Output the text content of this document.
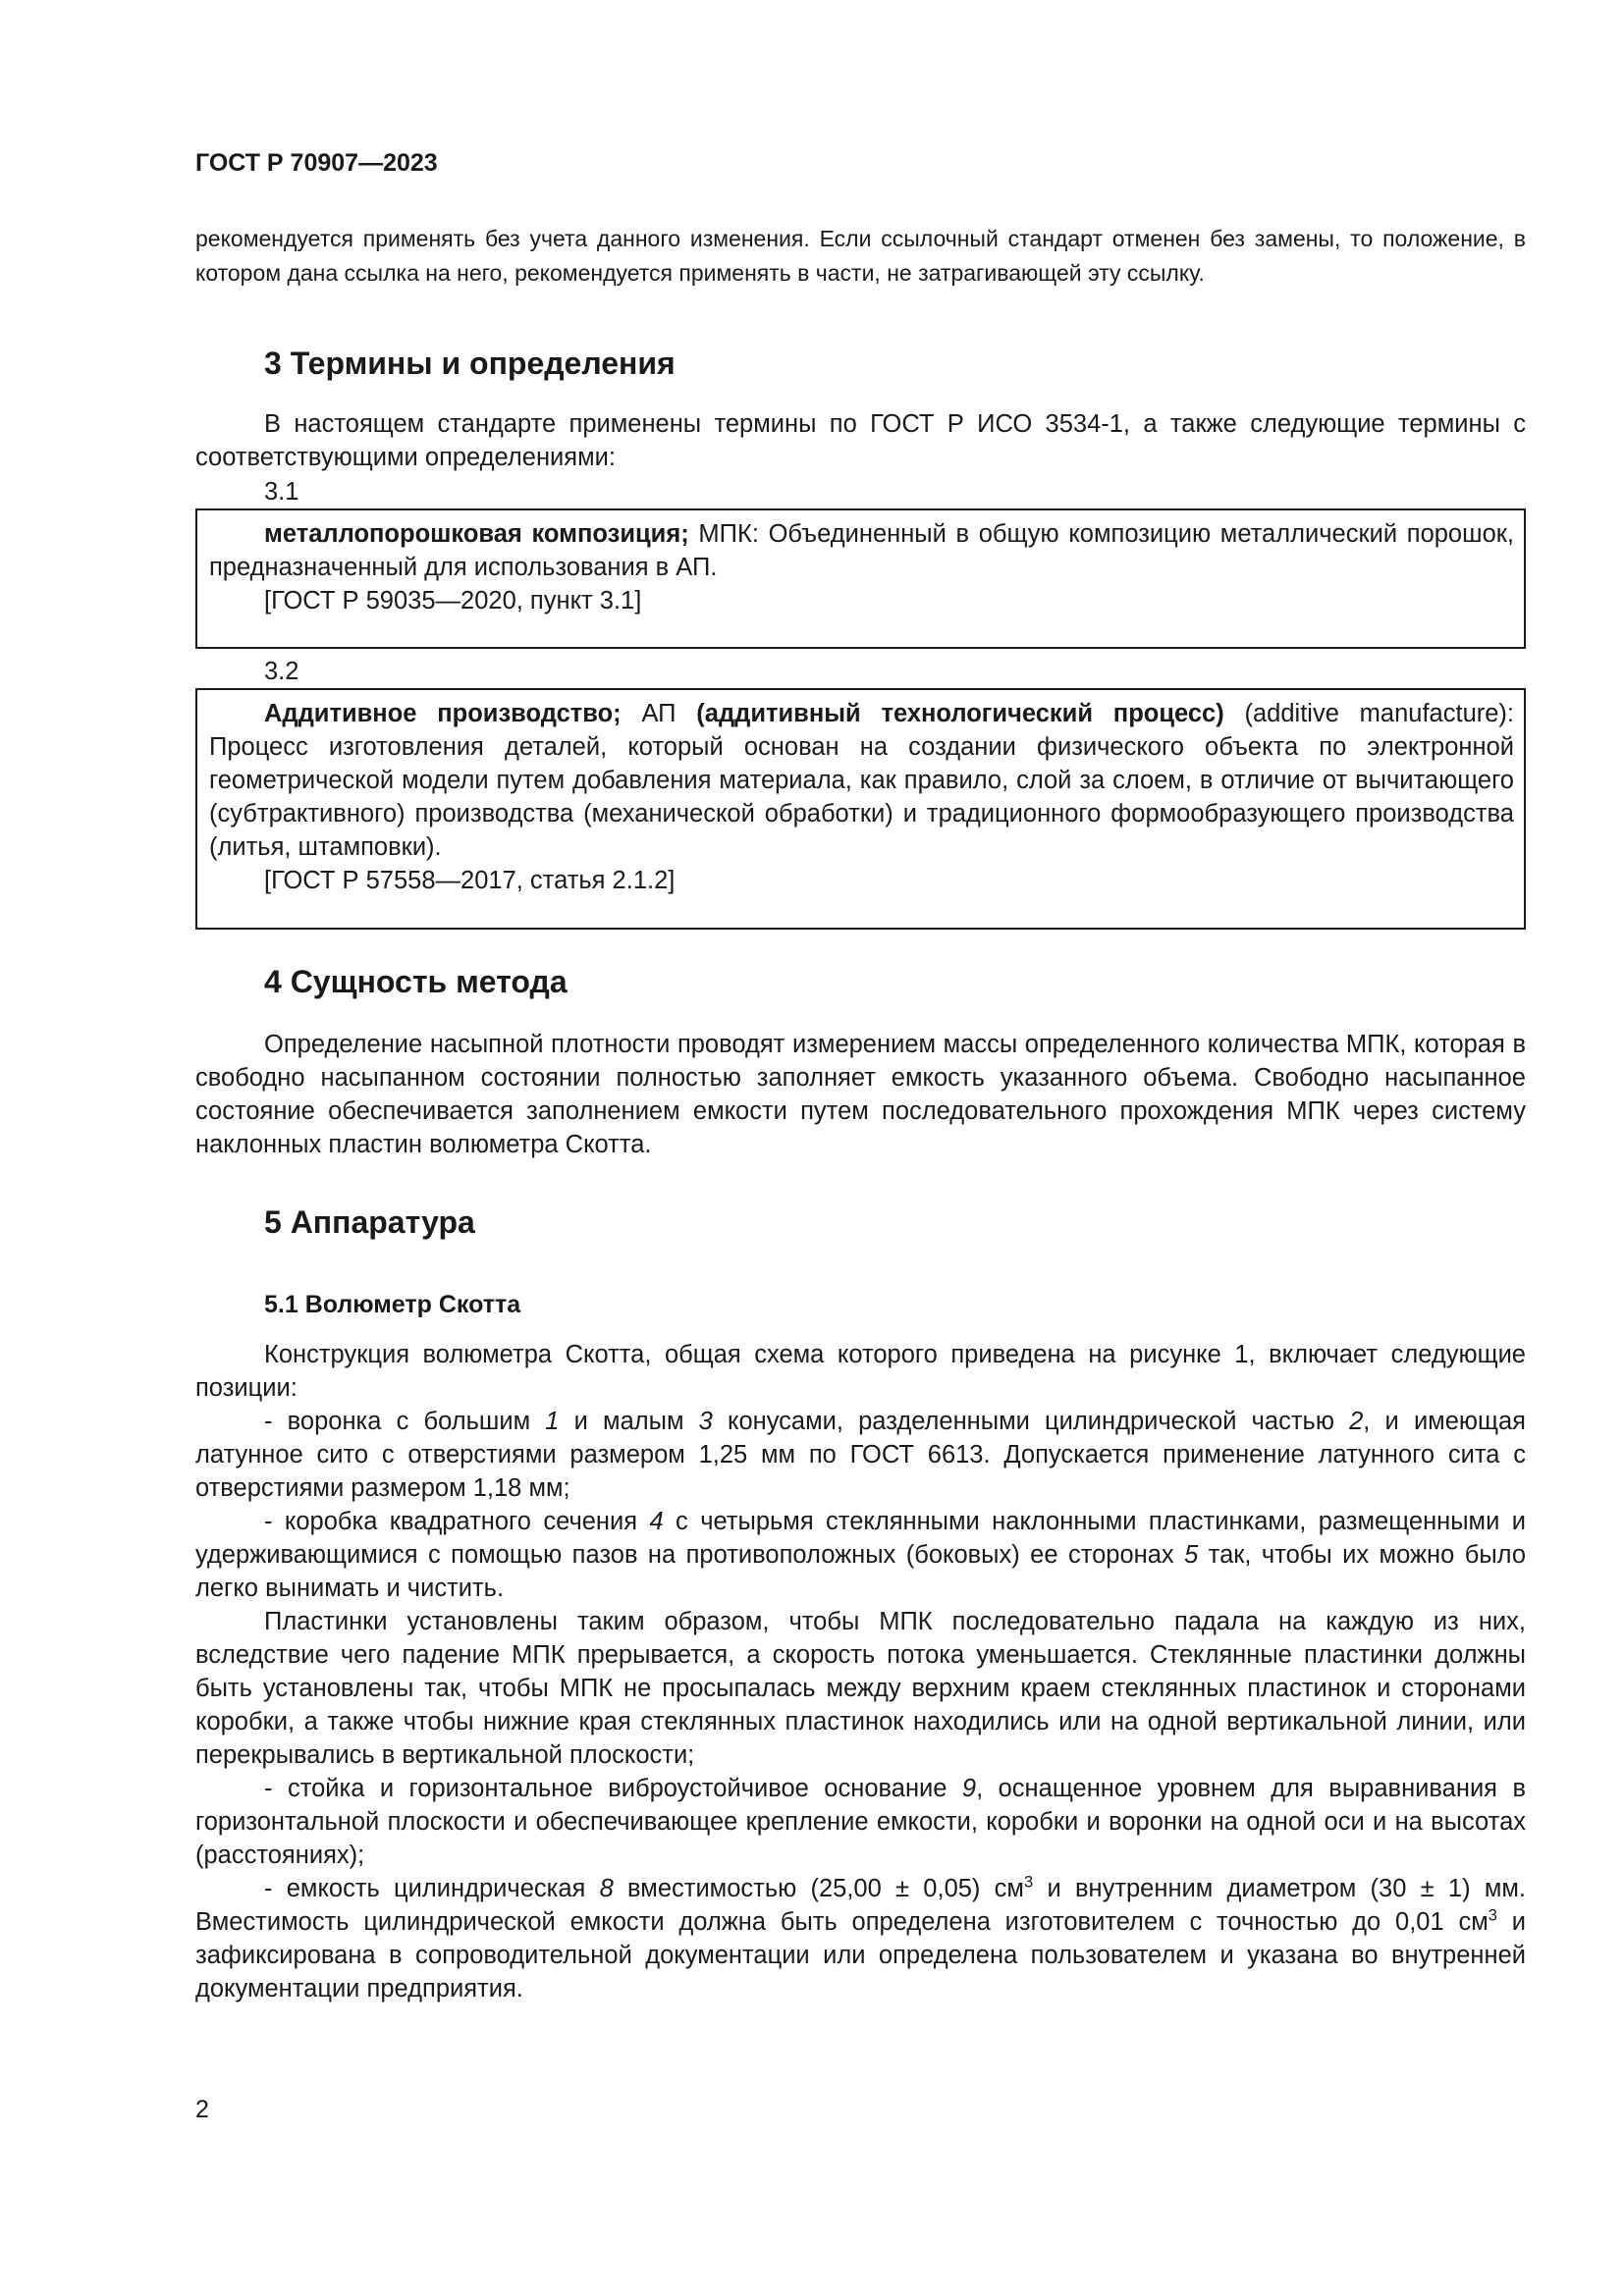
ГОСТ Р 70907—2023

рекомендуется применять без учета данного изменения. Если ссылочный стандарт отменен без замены, то положение, в котором дана ссылка на него, рекомендуется применять в части, не затрагивающей эту ссылку.

3 Термины и определения

В настоящем стандарте применены термины по ГОСТ Р ИСО 3534-1, а также следующие термины с соответствующими определениями:

3.1

металлопорошковая композиция; МПК: Объединенный в общую композицию металлический порошок, предназначенный для использования в АП.

[ГОСТ Р 59035—2020, пункт 3.1]
3.2

Аддитивное производство; АП (аддитивный технологический процесс) (additive manufacture): Процесс изготовления деталей, который основан на создании физического объекта по электронной геометрической модели путем добавления материала, как правило, слой за слоем, в отличие от вычитающего (субтрактивного) производства (механической обработки) и традиционного формообразующего производства (литья, штамповки).

[ГОСТ Р 57558—2017, статья 2.1.2]
4 Сущность метода

Определение насыпной плотности проводят измерением массы определенного количества МПК, которая в свободно насыпанном состоянии полностью заполняет емкость указанного объема. Свободно насыпанное состояние обеспечивается заполнением емкости путем последовательного прохождения МПК через систему наклонных пластин волюметра Скотта.

5 Аппаратура
5.1 Волюметр Скотта

Конструкция волюметра Скотта, общая схема которого приведена на рисунке 1, включает следующие позиции:

- воронка с большим 1 и малым 3 конусами, разделенными цилиндрической частью 2, и имеющая латунное сито с отверстиями размером 1,25 мм по ГОСТ 6613. Допускается применение латунного сита с отверстиями размером 1,18 мм;

- коробка квадратного сечения 4 с четырьмя стеклянными наклонными пластинками, размещенными и удерживающимися с помощью пазов на противоположных (боковых) ее сторонах 5 так, чтобы их можно было легко вынимать и чистить.

Пластинки установлены таким образом, чтобы МПК последовательно падала на каждую из них, вследствие чего падение МПК прерывается, а скорость потока уменьшается. Стеклянные пластинки должны быть установлены так, чтобы МПК не просыпалась между верхним краем стеклянных пластинок и сторонами коробки, а также чтобы нижние края стеклянных пластинок находились или на одной вертикальной линии, или перекрывались в вертикальной плоскости;

- стойка и горизонтальное виброустойчивое основание 9, оснащенное уровнем для выравнивания в горизонтальной плоскости и обеспечивающее крепление емкости, коробки и воронки на одной оси и на высотах (расстояниях);

- емкость цилиндрическая 8 вместимостью (25,00 ± 0,05) $см^3$ и внутренним диаметром (30 ± 1) мм. Вместимость цилиндрической емкости должна быть определена изготовителем с точностью до 0,01 $см^3$ и зафиксирована в сопроводительной документации или определена пользователем и указана во внутренней документации предприятия.

2
